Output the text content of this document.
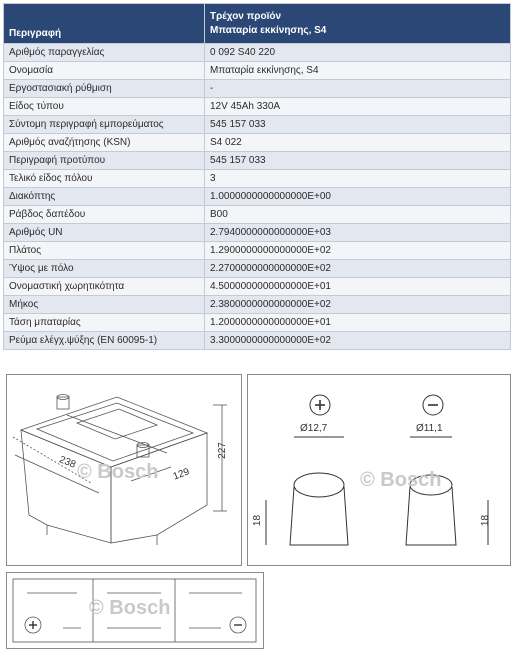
Περιγραφή	Τρέχον προϊόν
Μπαταρία εκκίνησης, S4

Αριθμός παραγγελίας	0 092 S40 220
Ονομασία	Μπαταρία εκκίνησης, S4
Εργοστασιακή ρύθμιση	-
Είδος τύπου	12V 45Ah 330A
Σύντομη περιγραφή εμπορεύματος	545 157 033
Αριθμός αναζήτησης (KSN)	S4 022
Περιγραφή προτύπου	545 157 033
Τελικό είδος πόλου	3
Διακόπτης	1.0000000000000000E+00
Ράβδος δαπέδου	B00
Αριθμός UN	2.7940000000000000E+03
Πλάτος	1.2900000000000000E+02
Ύψος με πόλο	2.2700000000000000E+02
Ονομαστική χωρητικότητα	4.5000000000000000E+01
Μήκος	2.3800000000000000E+02
Τάση μπαταρίας	1.2000000000000000E+01
Ρεύμα ελέγχ.ψύξης (EN 60095-1)	3.3000000000000000E+02
238
129
227
© Bosch
Ø12,7	Ø11,1
18	18
© Bosch
© Bosch
